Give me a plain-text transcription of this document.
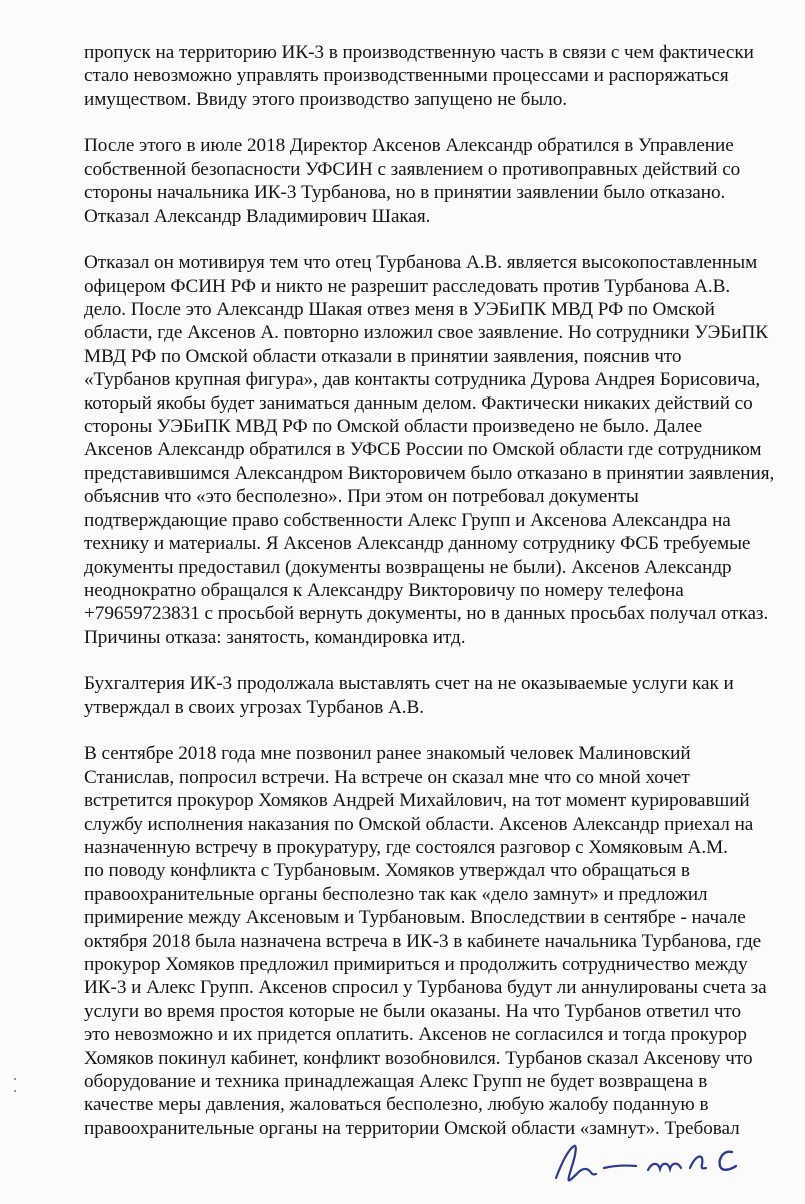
пропуск на территорию ИК-3 в производственную часть в связи с чем фактически
стало невозможно управлять производственными процессами и распоряжаться
имуществом. Ввиду этого производство запущено не было.

После этого в июле 2018 Директор Аксенов Александр обратился в Управление
собственной безопасности УФСИН с заявлением о противоправных действий со
стороны начальника ИК-3 Турбанова, но в принятии заявлении было отказано.
Отказал Александр Владимирович Шакая.

Отказал он мотивируя тем что отец Турбанова А.В. является высокопоставленным
офицером ФСИН РФ и никто не разрешит расследовать против Турбанова А.В.
дело. После это Александр Шакая отвез меня в УЭБиПК МВД РФ по Омской
области, где Аксенов А. повторно изложил свое заявление. Но сотрудники УЭБиПК
МВД РФ по Омской области отказали в принятии заявления, пояснив что
«Турбанов крупная фигура», дав контакты сотрудника Дурова Андрея Борисовича,
который якобы будет заниматься данным делом. Фактически никаких действий со
стороны УЭБиПК МВД РФ по Омской области произведено не было. Далее
Аксенов Александр обратился в УФСБ России по Омской области где сотрудником
представившимся Александром Викторовичем было отказано в принятии заявления,
объяснив что «это бесполезно». При этом он потребовал документы
подтверждающие право собственности Алекс Групп и Аксенова Александра на
технику и материалы. Я Аксенов Александр данному сотруднику ФСБ требуемые
документы предоставил (документы возвращены не были). Аксенов Александр
неоднократно обращался к Александру Викторовичу по номеру телефона
+79659723831 с просьбой вернуть документы, но в данных просьбах получал отказ.
Причины отказа: занятость, командировка итд.

Бухгалтерия ИК-3 продолжала выставлять счет на не оказываемые услуги как и
утверждал в своих угрозах Турбанов А.В.

В сентябре 2018 года мне позвонил ранее знакомый человек Малиновский
Станислав, попросил встречи. На встрече он сказал мне что со мной хочет
встретится прокурор Хомяков Андрей Михайлович, на тот момент курировавший
службу исполнения наказания по Омской области. Аксенов Александр приехал на
назначенную встречу в прокуратуру, где состоялся разговор с Хомяковым А.М.
по поводу конфликта с Турбановым. Хомяков утверждал что обращаться в
правоохранительные органы бесполезно так как «дело замнут» и предложил
примирение между Аксеновым и Турбановым. Впоследствии в сентябре - начале
октября 2018 была назначена встреча в ИК-3 в кабинете начальника Турбанова, где
прокурор Хомяков предложил примириться и продолжить сотрудничество между
ИК-3 и Алекс Групп. Аксенов спросил у Турбанова будут ли аннулированы счета за
услуги во время простоя которые не были оказаны. На что Турбанов ответил что
это невозможно и их придется оплатить. Аксенов не согласился и тогда прокурор
Хомяков покинул кабинет, конфликт возобновился. Турбанов сказал Аксенову что
оборудование и техника принадлежащая Алекс Групп не будет возвращена в
качестве меры давления, жаловаться бесполезно, любую жалобу поданную в
правоохранительные органы на территории Омской области «замнут». Требовал
